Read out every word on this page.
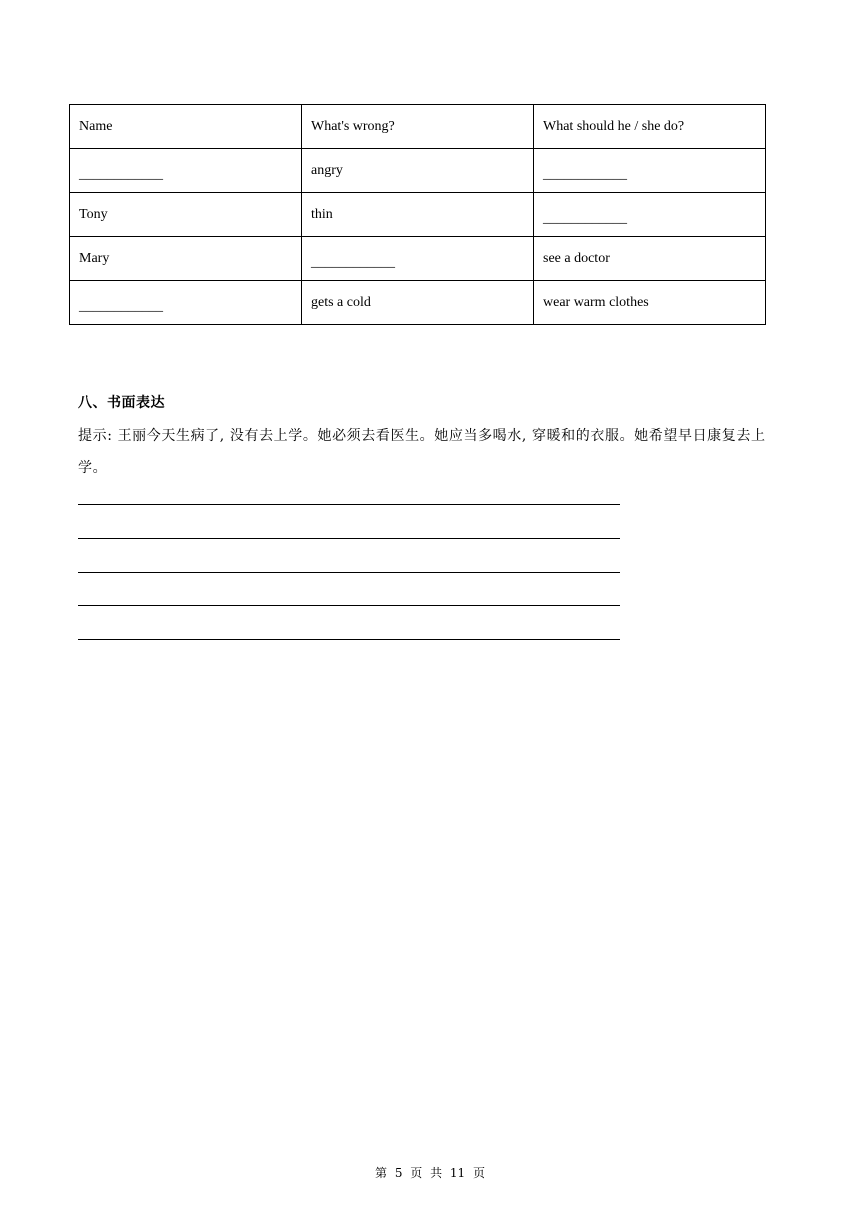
Name	What's wrong?	What should he / she do?
____________	angry	____________
Tony	thin	____________
Mary	____________	see a doctor
____________	gets a cold	wear warm clothes
八、书面表达
提示: 王丽今天生病了, 没有去上学。她必须去看医生。她应当多喝水, 穿暖和的衣服。她希望早日康复去上学。
第 5 页 共 11 页
